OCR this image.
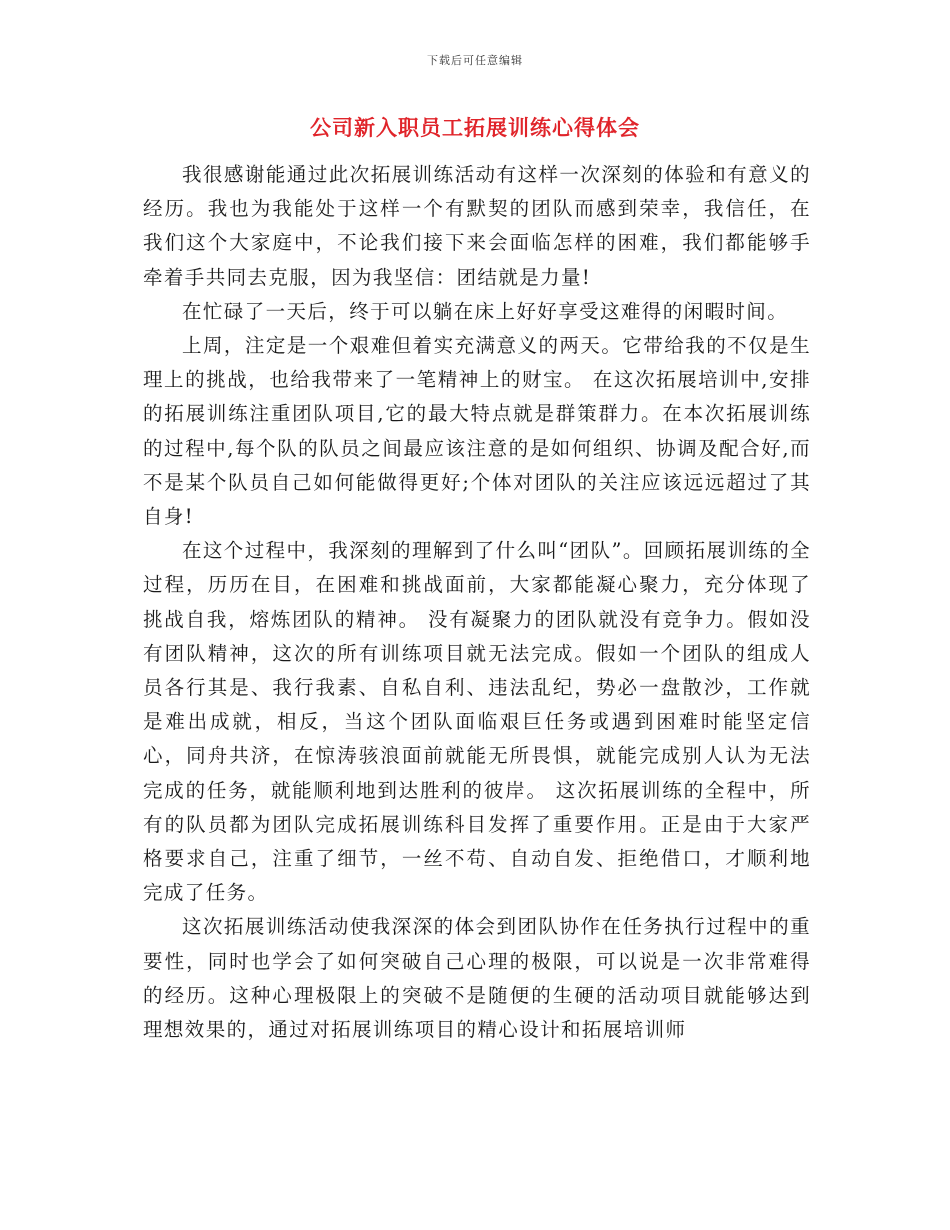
下载后可任意编辑
公司新入职员工拓展训练心得体会

我很感谢能通过此次拓展训练活动有这样一次深刻的体验和有意义的经历。我也为我能处于这样一个有默契的团队而感到荣幸，我信任，在我们这个大家庭中，不论我们接下来会面临怎样的困难，我们都能够手牵着手共同去克服，因为我坚信：团结就是力量!

在忙碌了一天后，终于可以躺在床上好好享受这难得的闲暇时间。

上周，注定是一个艰难但着实充满意义的两天。它带给我的不仅是生理上的挑战，也给我带来了一笔精神上的财宝。 在这次拓展培训中,安排的拓展训练注重团队项目,它的最大特点就是群策群力。在本次拓展训练的过程中,每个队的队员之间最应该注意的是如何组织、协调及配合好,而不是某个队员自己如何能做得更好;个体对团队的关注应该远远超过了其自身!

在这个过程中，我深刻的理解到了什么叫“团队”。回顾拓展训练的全过程，历历在目，在困难和挑战面前，大家都能凝心聚力，充分体现了挑战自我，熔炼团队的精神。 没有凝聚力的团队就没有竞争力。假如没有团队精神，这次的所有训练项目就无法完成。假如一个团队的组成人员各行其是、我行我素、自私自利、违法乱纪，势必一盘散沙，工作就是难出成就，相反，当这个团队面临艰巨任务或遇到困难时能坚定信心，同舟共济，在惊涛骇浪面前就能无所畏惧，就能完成别人认为无法完成的任务，就能顺利地到达胜利的彼岸。 这次拓展训练的全程中，所有的队员都为团队完成拓展训练科目发挥了重要作用。正是由于大家严格要求自己，注重了细节，一丝不苟、自动自发、拒绝借口，才顺利地完成了任务。

这次拓展训练活动使我深深的体会到团队协作在任务执行过程中的重要性，同时也学会了如何突破自己心理的极限，可以说是一次非常难得的经历。这种心理极限上的突破不是随便的生硬的活动项目就能够达到理想效果的，通过对拓展训练项目的精心设计和拓展培训师
